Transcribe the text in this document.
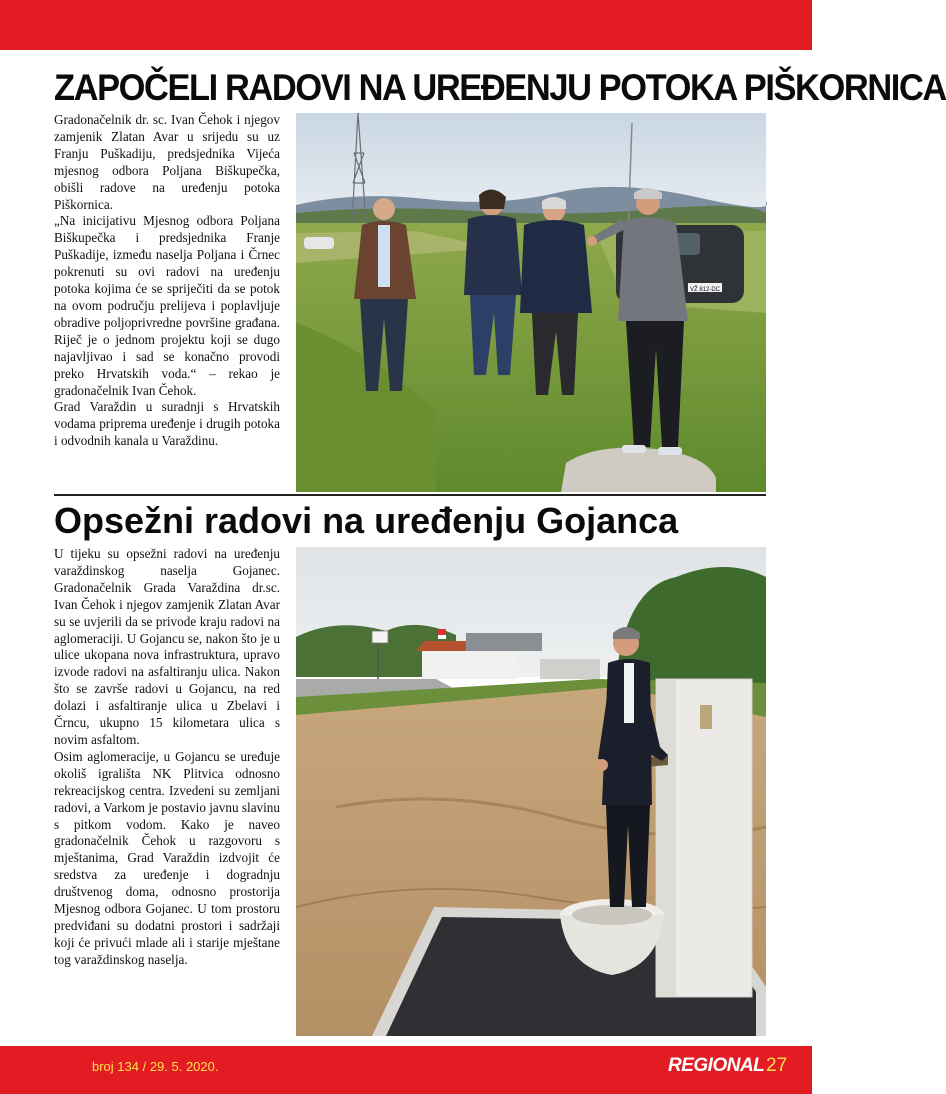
ZAPOČELI RADOVI NA UREĐENJU POTOKA PIŠKORNICA

Gradonačelnik dr. sc. Ivan Čehok i njegov zamjenik Zlatan Avar u srijedu su uz Franju Puškadiju, predsjednika Vijeća mjesnog odbora Poljana Biškupečka, obišli radove na uređenju potoka Piškornica.

„Na inicijativu Mjesnog odbora Poljana Biškupečka i predsjednika Franje Puškadije, između naselja Poljana i Črnec pokrenuti su ovi radovi na uređenju potoka kojima će se spriječiti da se potok na ovom području prelijeva i poplavljuje obradive poljoprivredne površine građana. Riječ je o jednom projektu koji se dugo najavljivao i sad se konačno provodi preko Hrvatskih voda.“ – rekao je gradonačelnik Ivan Čehok.

Grad Varaždin u suradnji s Hrvatskih vodama priprema uređenje i drugih potoka i odvodnih kanala u Varaždinu.

VŽ 812-DC
Opsežni radovi na uređenju Gojanca

U tijeku su opsežni radovi na uređenju varaždinskog naselja Gojanec. Gradonačelnik Grada Varaždina dr.sc. Ivan Čehok i njegov zamjenik Zlatan Avar su se uvjerili da se privode kraju radovi na aglomeraciji. U Gojancu se, nakon što je u ulice ukopana nova infrastruktura, upravo izvode radovi na asfaltiranju ulica. Nakon što se završe radovi u Gojancu, na red dolazi i asfaltiranje ulica u Zbelavi i Črncu, ukupno 15 kilometara ulica s novim asfaltom.

Osim aglomeracije, u Gojancu se uređuje okoliš igrališta NK Plitvica odnosno rekreacijskog centra. Izvedeni su zemljani radovi, a Varkom je postavio javnu slavinu s pitkom vodom. Kako je naveo gradonačelnik Čehok u razgovoru s mještanima, Grad Varaždin izdvojit će sredstva za uređenje i dogradnju društvenog doma, odnosno prostorija Mjesnog odbora Gojanec. U tom prostoru predviđani su dodatni prostori i sadržaji koji će privući mlade ali i starije mještane tog varaždinskog naselja.

broj 134 / 29. 5. 2020.	REGIONAL 27
